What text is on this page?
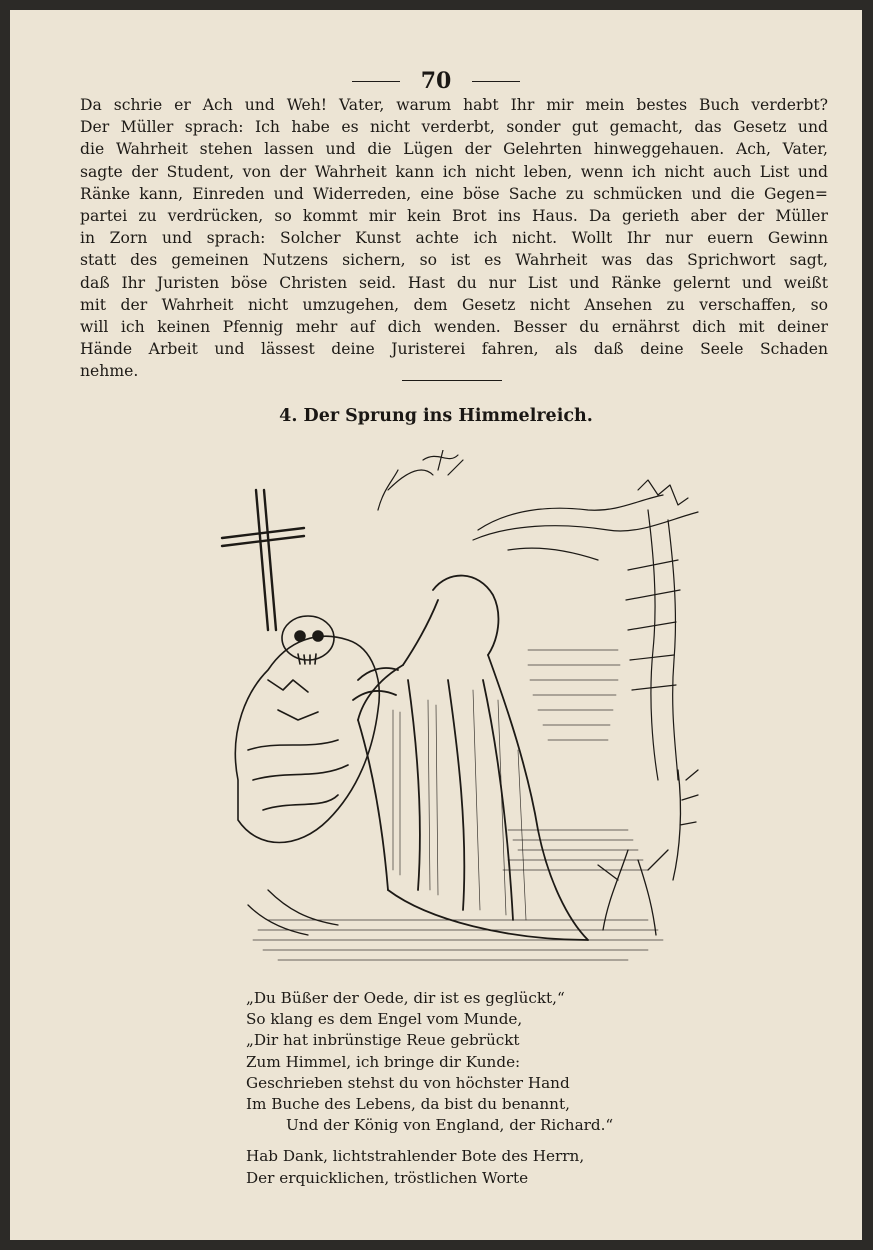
70
Da schrie er Ach und Weh! Vater, warum habt Ihr mir mein bestes Buch verderbt?
Der Müller sprach: Ich habe es nicht verderbt, sonder gut gemacht, das Gesetz und
die Wahrheit stehen lassen und die Lügen der Gelehrten hinweggehauen. Ach, Vater,
sagte der Student, von der Wahrheit kann ich nicht leben, wenn ich nicht auch List und
Ränke kann, Einreden und Widerreden, eine böse Sache zu schmücken und die Gegen=
partei zu verdrücken, so kommt mir kein Brot ins Haus. Da gerieth aber der Müller
in Zorn und sprach: Solcher Kunst achte ich nicht. Wollt Ihr nur euern Gewinn
statt des gemeinen Nutzens sichern, so ist es Wahrheit was das Sprichwort sagt,
daß Ihr Juristen böse Christen seid. Hast du nur List und Ränke gelernt und weißt
mit der Wahrheit nicht umzugehen, dem Gesetz nicht Ansehen zu verschaffen, so
will ich keinen Pfennig mehr auf dich wenden. Besser du ernährst dich mit deiner
Hände Arbeit und lässest deine Juristerei fahren, als daß deine Seele Schaden
nehme.
4. Der Sprung ins Himmelreich.
„Du Büßer der Oede, dir ist es geglückt,“
So klang es dem Engel vom Munde,
„Dir hat inbrünstige Reue gebrückt
Zum Himmel, ich bringe dir Kunde:
Geschrieben stehst du von höchster Hand
Im Buche des Lebens, da bist du benannt,
Und der König von England, der Richard.“
Hab Dank, lichtstrahlender Bote des Herrn,
Der erquicklichen, tröstlichen Worte
